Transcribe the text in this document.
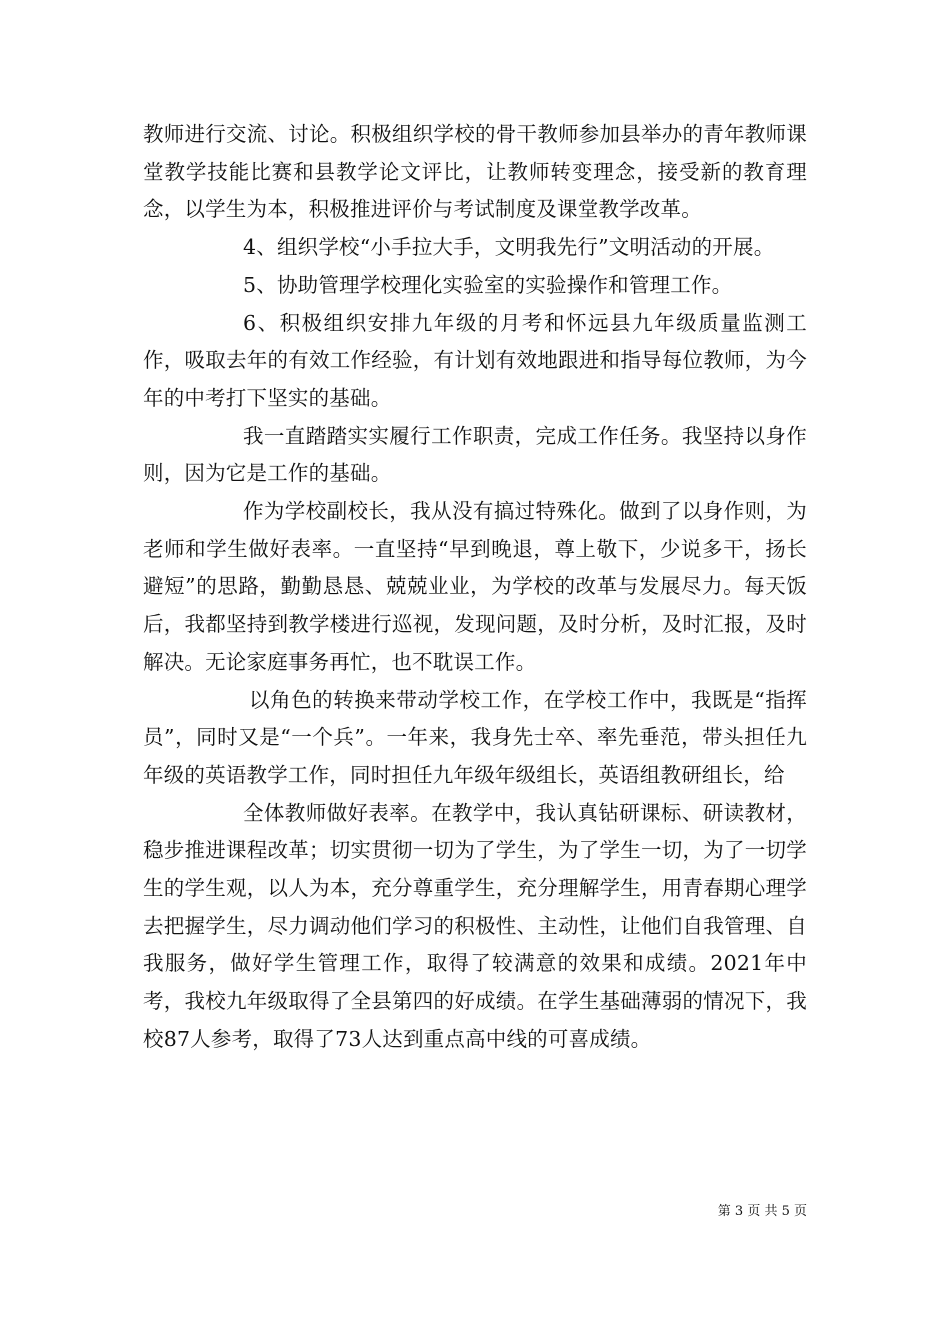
教师进行交流、讨论。积极组织学校的骨干教师参加县举办的青年教师课堂教学技能比赛和县教学论文评比，让教师转变理念，接受新的教育理念，以学生为本，积极推进评价与考试制度及课堂教学改革。

4、组织学校“小手拉大手，文明我先行”文明活动的开展。

5、协助管理学校理化实验室的实验操作和管理工作。

6、积极组织安排九年级的月考和怀远县九年级质量监测工作，吸取去年的有效工作经验，有计划有效地跟进和指导每位教师，为今年的中考打下坚实的基础。

我一直踏踏实实履行工作职责，完成工作任务。我坚持以身作则，因为它是工作的基础。

作为学校副校长，我从没有搞过特殊化。做到了以身作则，为老师和学生做好表率。一直坚持“早到晚退，尊上敬下，少说多干，扬长避短”的思路，勤勤恳恳、兢兢业业，为学校的改革与发展尽力。每天饭后，我都坚持到教学楼进行巡视，发现问题，及时分析，及时汇报，及时解决。无论家庭事务再忙，也不耽误工作。

以角色的转换来带动学校工作，在学校工作中，我既是“指挥员”，同时又是“一个兵”。一年来，我身先士卒、率先垂范，带头担任九年级的英语教学工作，同时担任九年级年级组长，英语组教研组长，给

全体教师做好表率。在教学中，我认真钻研课标、研读教材，稳步推进课程改革；切实贯彻一切为了学生，为了学生一切，为了一切学生的学生观，以人为本，充分尊重学生，充分理解学生，用青春期心理学去把握学生，尽力调动他们学习的积极性、主动性，让他们自我管理、自我服务，做好学生管理工作，取得了较满意的效果和成绩。2021年中考，我校九年级取得了全县第四的好成绩。在学生基础薄弱的情况下，我校87人参考，取得了73人达到重点高中线的可喜成绩。

第 3 页 共 5 页
